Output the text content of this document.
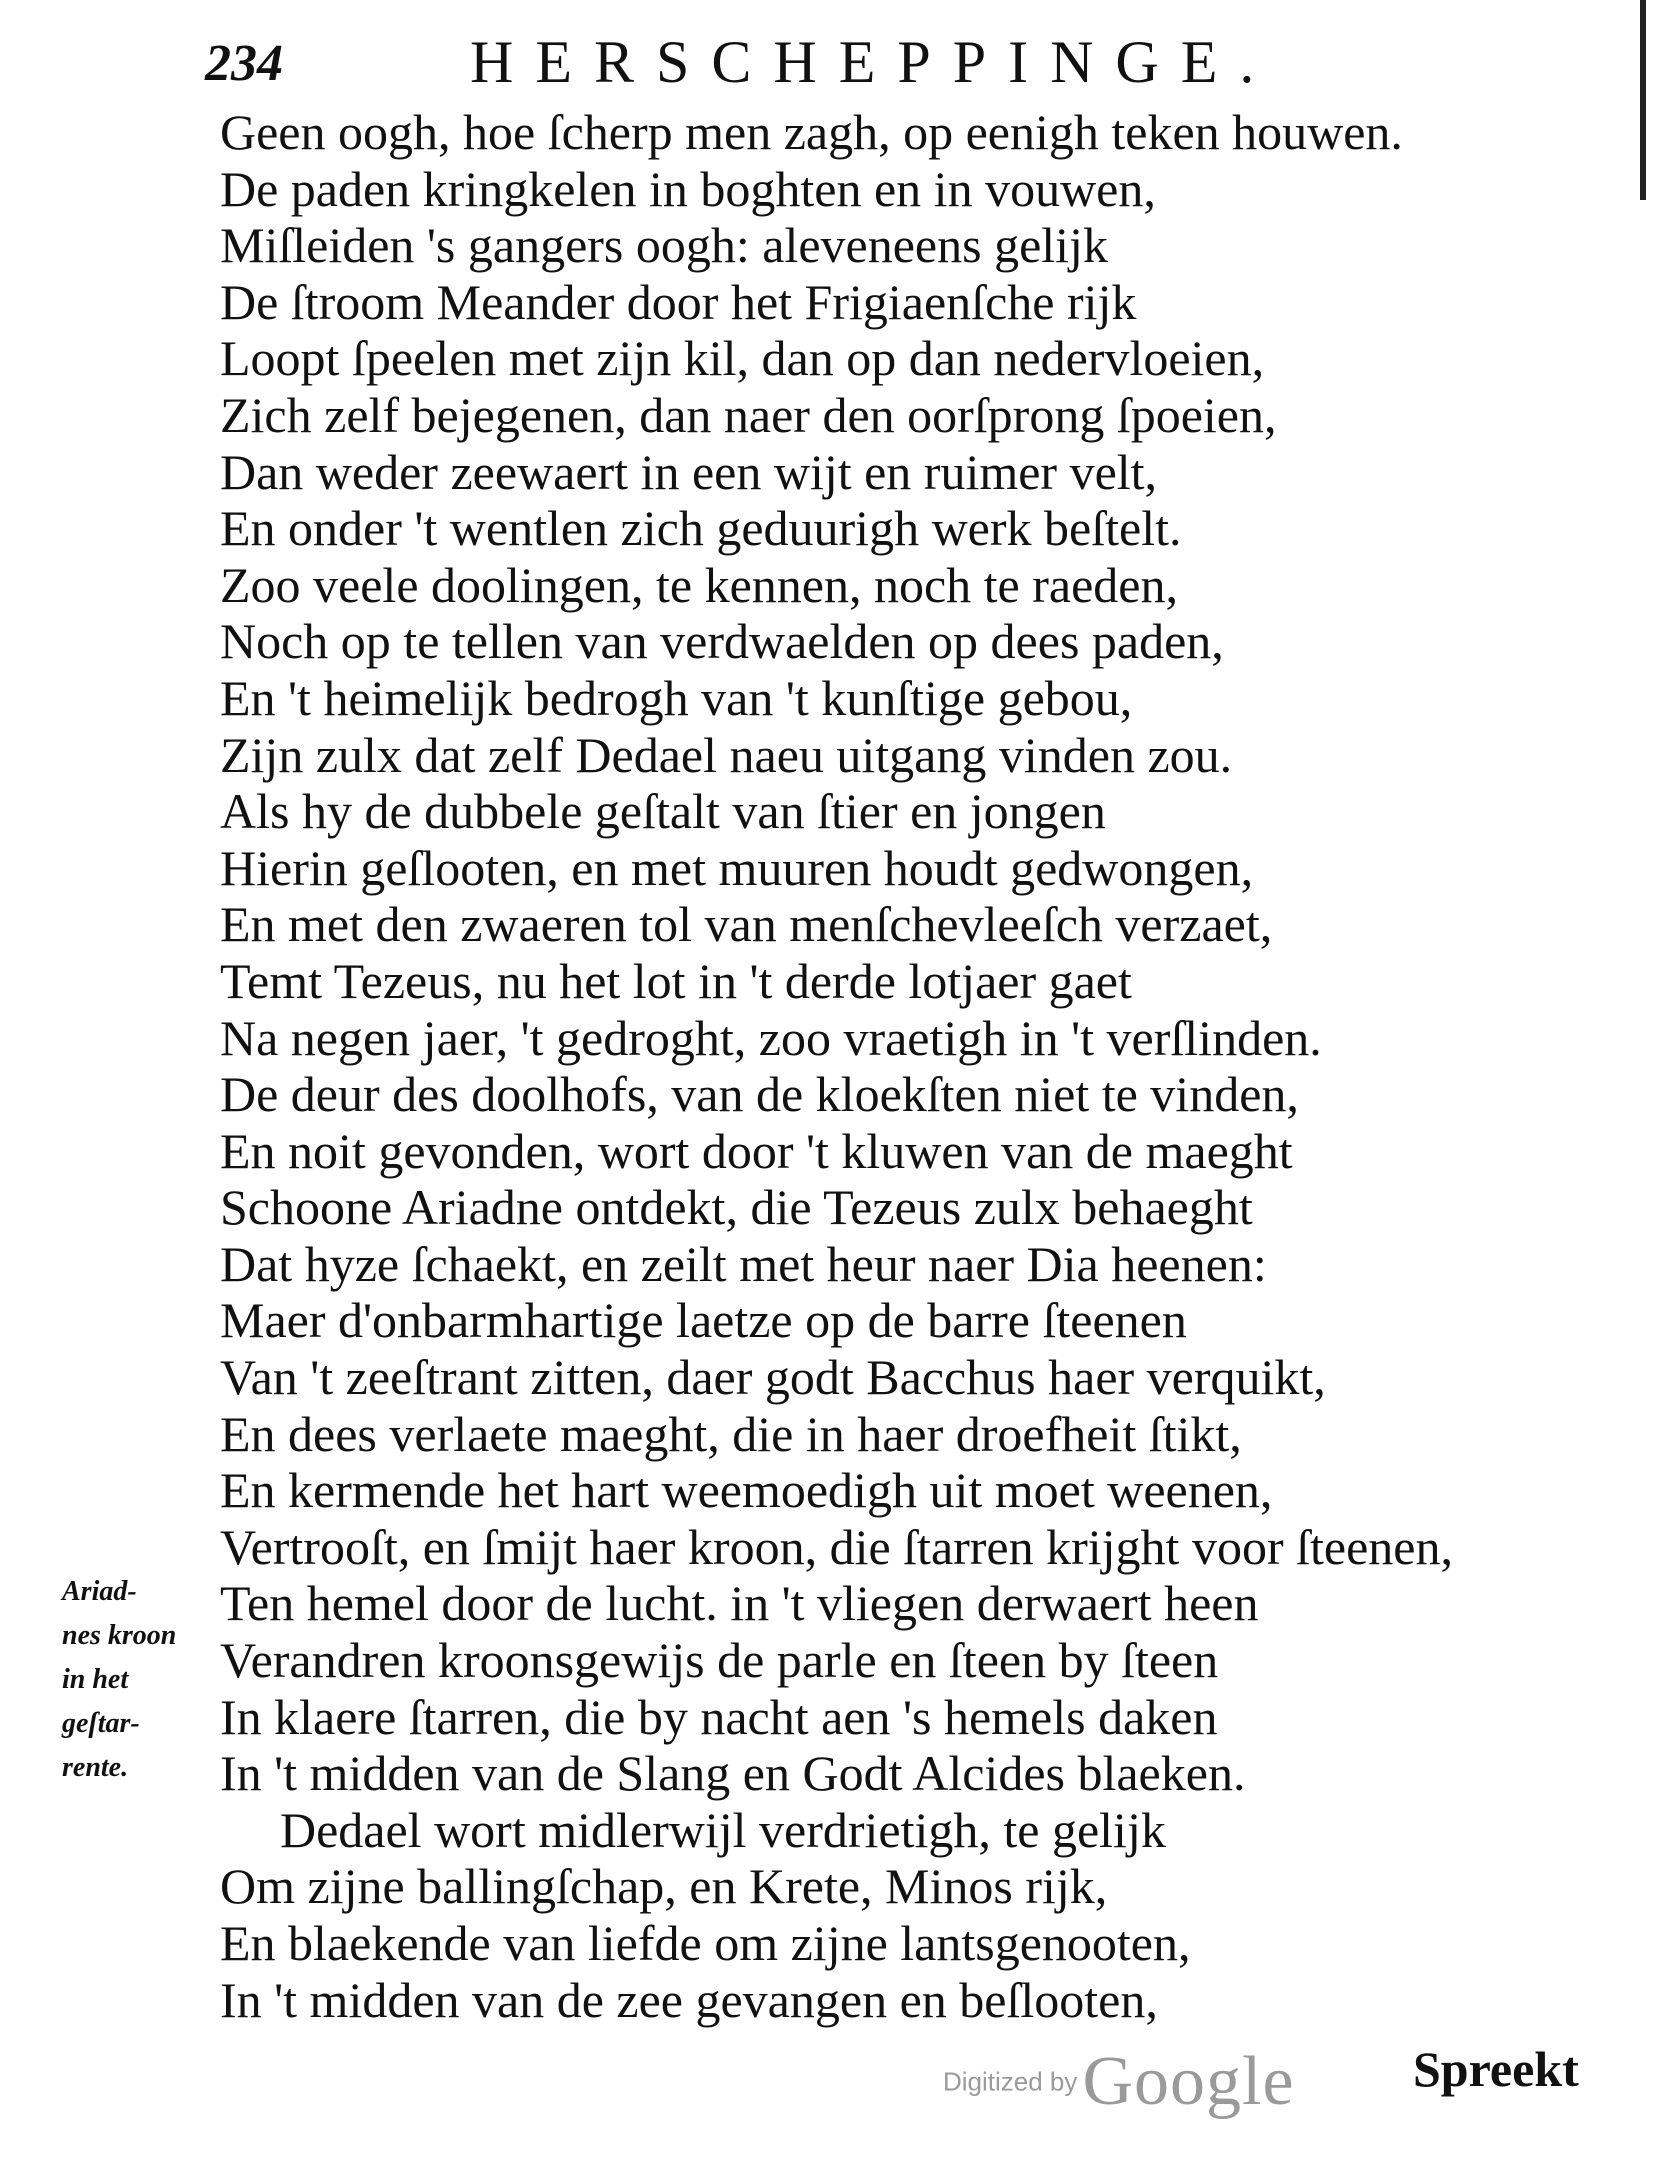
234	HERSCHEPPINGE.
Geen oogh, hoe ſcherp men zagh, op eenigh teken houwen.
De paden kringkelen in boghten en in vouwen,
Miſleiden 's gangers oogh: aleveneens gelijk
De ſtroom Meander door het Frigiaenſche rijk
Loopt ſpeelen met zijn kil, dan op dan nedervloeien,
Zich zelf bejegenen, dan naer den oorſprong ſpoeien,
Dan weder zeewaert in een wijt en ruimer velt,
En onder 't wentlen zich geduurigh werk beſtelt.
Zoo veele doolingen, te kennen, noch te raeden,
Noch op te tellen van verdwaelden op dees paden,
En 't heimelijk bedrogh van 't kunſtige gebou,
Zijn zulx dat zelf Dedael naeu uitgang vinden zou.
Als hy de dubbele geſtalt van ſtier en jongen
Hierin geſlooten, en met muuren houdt gedwongen,
En met den zwaeren tol van menſchevleeſch verzaet,
Temt Tezeus, nu het lot in 't derde lotjaer gaet
Na negen jaer, 't gedroght, zoo vraetigh in 't verſlinden.
De deur des doolhofs, van de kloekſten niet te vinden,
En noit gevonden, wort door 't kluwen van de maeght
Schoone Ariadne ontdekt, die Tezeus zulx behaeght
Dat hyze ſchaekt, en zeilt met heur naer Dia heenen:
Maer d'onbarmhartige laetze op de barre ſteenen
Van 't zeeſtrant zitten, daer godt Bacchus haer verquikt,
En dees verlaete maeght, die in haer droefheit ſtikt,
En kermende het hart weemoedigh uit moet weenen,
Vertrooſt, en ſmijt haer kroon, die ſtarren krijght voor ſteenen,
Ten hemel door de lucht. in 't vliegen derwaert heen
Verandren kroonsgewijs de parle en ſteen by ſteen
In klaere ſtarren, die by nacht aen 's hemels daken
In 't midden van de Slang en Godt Alcides blaeken.
Dedael wort midlerwijl verdrietigh, te gelijk
Om zijne ballingſchap, en Krete, Minos rijk,
En blaekende van liefde om zijne lantsgenooten,
In 't midden van de zee gevangen en beſlooten,
Ariad-
nes kroon
in het
geſtar-
rente.
Digitized by Google Spreekt
